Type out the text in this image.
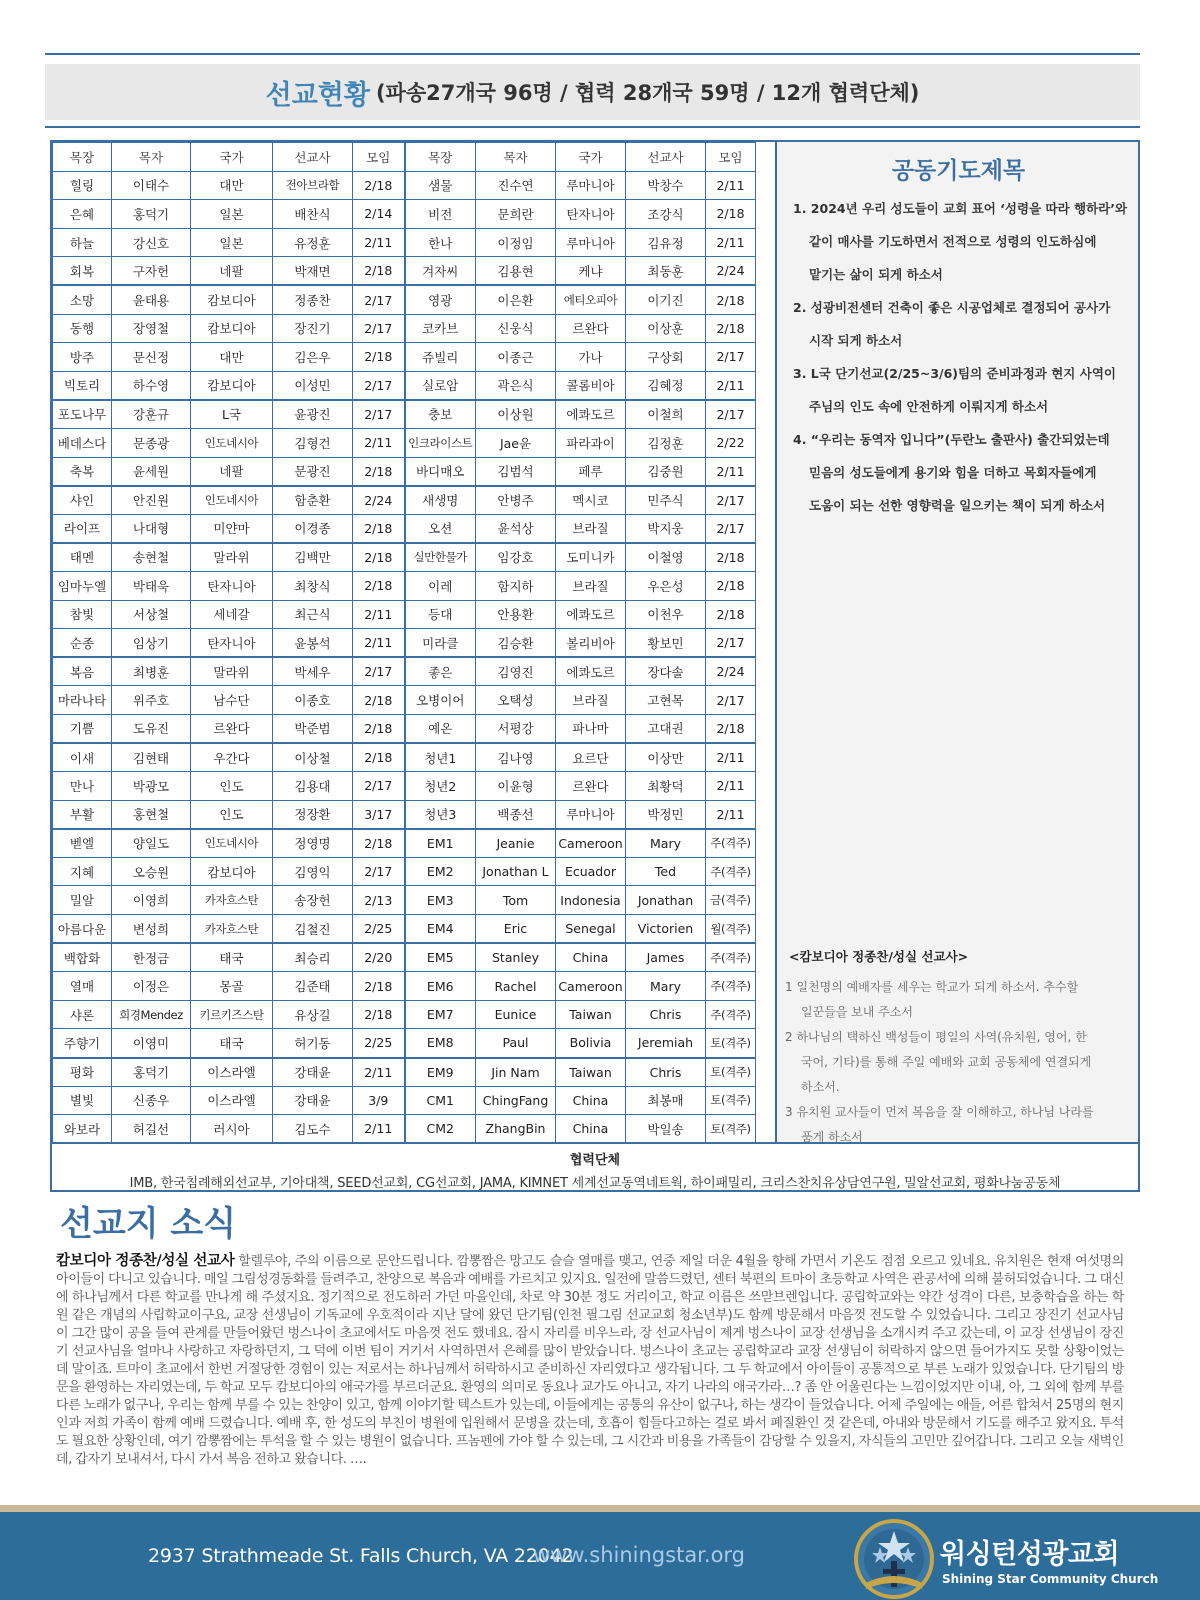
선교현황 (파송27개국 96명 / 협력 28개국 59명 / 12개 협력단체)
목장	목자	국가	선교사	모임	목장	목자	국가	선교사	모임
힐링	이태수	대만	전아브라함	2/18	샘물	진수연	루마니아	박창수	2/11
은혜	홍덕기	일본	배찬식	2/14	비전	문희란	탄자니아	조강식	2/18
하늘	강신호	일본	유정훈	2/11	한나	이정임	루마니아	김유정	2/11
회복	구자헌	네팔	박재면	2/18	겨자씨	김용현	케냐	최동훈	2/24
소망	윤태용	캄보디아	정종찬	2/17	영광	이은환	에티오피아	이기진	2/18
동행	장영철	캄보디아	장진기	2/17	코카브	신웅식	르완다	이상훈	2/18
방주	문신정	대만	김은우	2/18	쥬빌리	이종근	가나	구상회	2/17
빅토리	하수영	캄보디아	이성민	2/17	실로암	곽은식	콜롬비아	김혜정	2/11
포도나무	강훈규	L국	윤광진	2/17	충보	이상원	에콰도르	이철희	2/17
베데스다	문종광	인도네시아	김형건	2/11	인크라이스트	Jae윤	파라과이	김정훈	2/22
축복	윤세원	네팔	문광진	2/18	바디매오	김범석	페루	김중원	2/11
샤인	안진원	인도네시아	함춘환	2/24	새생명	안병주	멕시코	민주식	2/17
라이프	나대형	미얀마	이경종	2/18	오션	윤석상	브라질	박지웅	2/17
태멘	송현철	말라위	김백만	2/18	실만한물가	임강호	도미니카	이철영	2/18
임마누엘	박태욱	탄자니아	최창식	2/18	이레	함지하	브라질	우은성	2/18
참빛	서상철	세네갈	최근식	2/11	등대	안용환	에콰도르	이천우	2/18
순종	임상기	탄자니아	윤봉석	2/11	미라클	김승환	볼리비아	황보민	2/17
복음	최병훈	말라위	박세우	2/17	좋은	김영진	에콰도르	장다솔	2/24
마라나타	위주호	남수단	이종호	2/18	오병이어	오택성	브라질	고현목	2/17
기쁨	도유진	르완다	박준범	2/18	예온	서평강	파나마	고대권	2/18
이새	김현태	우간다	이상철	2/18	청년1	김나영	요르단	이상만	2/11
만나	박광모	인도	김용대	2/17	청년2	이윤형	르완다	최황덕	2/11
부활	홍현철	인도	정장환	3/17	청년3	백종선	루마니아	박정민	2/11
벧엘	양일도	인도네시아	정영명	2/18	EM1	Jeanie	Cameroon	Mary	주(격주)
지혜	오승원	캄보디아	김영익	2/17	EM2	Jonathan L	Ecuador	Ted	주(격주)
밀알	이영희	카자흐스탄	송장헌	2/13	EM3	Tom	Indonesia	Jonathan	금(격주)
아름다운	변성희	카자흐스탄	김철진	2/25	EM4	Eric	Senegal	Victorien	월(격주)
백합화	한정금	태국	최승리	2/20	EM5	Stanley	China	James	주(격주)
열매	이정은	몽골	김준태	2/18	EM6	Rachel	Cameroon	Mary	주(격주)
샤론	희경Mendez	키르키즈스탄	유상길	2/18	EM7	Eunice	Taiwan	Chris	주(격주)
주향기	이영미	태국	허기동	2/25	EM8	Paul	Bolivia	Jeremiah	토(격주)
평화	홍덕기	이스라엘	강태윤	2/11	EM9	Jin Nam	Taiwan	Chris	토(격주)
별빛	신종우	이스라엘	강태윤	3/9	CM1	ChingFang	China	최봉매	토(격주)
와보라	허길선	러시아	김도수	2/11	CM2	ZhangBin	China	박일송	토(격주)
공동기도제목
1. 2024년 우리 성도들이 교회 표어 ‘성령을 따라 행하라’와
같이 매사를 기도하면서 전적으로 성령의 인도하심에
맡기는 삶이 되게 하소서
2. 성광비전센터 건축이 좋은 시공업체로 결정되어 공사가
시작 되게 하소서
3. L국 단기선교(2/25~3/6)팀의 준비과정과 현지 사역이
주님의 인도 속에 안전하게 이뤄지게 하소서
4. “우리는 동역자 입니다”(두란노 출판사) 출간되었는데
믿음의 성도들에게 용기와 힘을 더하고 목회자들에게
도움이 되는 선한 영향력을 일으키는 책이 되게 하소서
<캄보디아 정종찬/성실 선교사>
1 일천명의 예배자를 세우는 학교가 되게 하소서. 추수할
일꾼들을 보내 주소서
2 하나님의 택하신 백성들이 평일의 사역(유치원, 영어, 한
국어, 기타)를 통해 주일 예배와 교회 공동체에 연결되게
하소서.
3 유치원 교사들이 먼저 복음을 잘 이해하고, 하나님 나라를
품게 하소서
협력단체
IMB, 한국침례해외선교부, 기아대책, SEED선교회, CG선교회, JAMA, KIMNET 세계선교동역네트웍, 하이패밀리, 크리스찬치유상담연구원, 밀알선교회, 평화나눔공동체
선교지 소식
캄보디아 정종찬/성실 선교사 할렐루야, 주의 이름으로 문안드립니다. 깜뽕짬은 망고도 슬슬 열매를 맺고, 연중 제일 더운 4월을 향해 가면서 기온도 점점 오르고 있네요. 유치원은 현재 여섯명의 아이들이 다니고 있습니다. 매일 그림성경동화를 들려주고, 찬양으로 복음과 예배를 가르치고 있지요. 일전에 말씀드렸던, 센터 북편의 트마이 초등학교 사역은 관공서에 의해 불허되었습니다. 그 대신에 하나님께서 다른 학교를 만나게 해 주셨지요. 정기적으로 전도하러 가던 마을인데, 차로 약 30분 정도 거리이고, 학교 이름은 쓰맏브렌입니다. 공립학교와는 약간 성격이 다른, 보충학습을 하는 학원 같은 개념의 사립학교이구요, 교장 선생님이 기독교에 우호적이라 지난 달에 왔던 단기팀(인천 필그림 선교교회 청소년부)도 함께 방문해서 마음껏 전도할 수 있었습니다. 그리고 장진기 선교사님이 그간 많이 공을 들여 관계를 만들어왔던 벙스나이 초교에서도 마음껏 전도 했네요. 잠시 자리를 비우느라, 장 선교사님이 제게 벙스나이 교장 선생님을 소개시켜 주고 갔는데, 이 교장 선생님이 장진기 선교사님을 얼마나 사랑하고 자랑하던지, 그 덕에 이번 팀이 거기서 사역하면서 은혜를 많이 받았습니다. 벙스나이 초교는 공립학교라 교장 선생님이 허락하지 않으면 들어가지도 못할 상황이었는데 말이죠. 트마이 초교에서 한번 거절당한 경험이 있는 저로서는 하나님께서 허락하시고 준비하신 자리였다고 생각됩니다. 그 두 학교에서 아이들이 공통적으로 부른 노래가 있었습니다. 단기팀의 방문을 환영하는 자리였는데, 두 학교 모두 캄보디아의 애국가를 부르더군요. 환영의 의미로 동요나 교가도 아니고, 자기 나라의 애국가라…? 좀 안 어울린다는 느낌이었지만 이내, 아, 그 외에 함께 부를 다른 노래가 없구나, 우리는 함께 부를 수 있는 찬양이 있고, 함께 이야기할 텍스트가 있는데, 이들에게는 공통의 유산이 없구나, 하는 생각이 들었습니다. 어제 주일에는 애들, 어른 합쳐서 25명의 현지인과 저희 가족이 함께 예배 드렸습니다. 예배 후, 한 성도의 부친이 병원에 입원해서 문병을 갔는데, 호흡이 힘들다고하는 걸로 봐서 폐질환인 것 같은데, 아내와 방문해서 기도를 해주고 왔지요. 투석도 필요한 상황인데, 여기 깜뽕짬에는 투석을 할 수 있는 병원이 없습니다. 프놈펜에 가야 할 수 있는데, 그 시간과 비용을 가족들이 감당할 수 있을지, 자식들의 고민만 깊어갑니다. 그리고 오늘 새벽인데, 갑자기 보내셔서, 다시 가서 복음 전하고 왔습니다. ….
2937 Strathmeade St. Falls Church, VA 22042
www.shiningstar.org	워싱턴성광교회
Shining Star Community Church
